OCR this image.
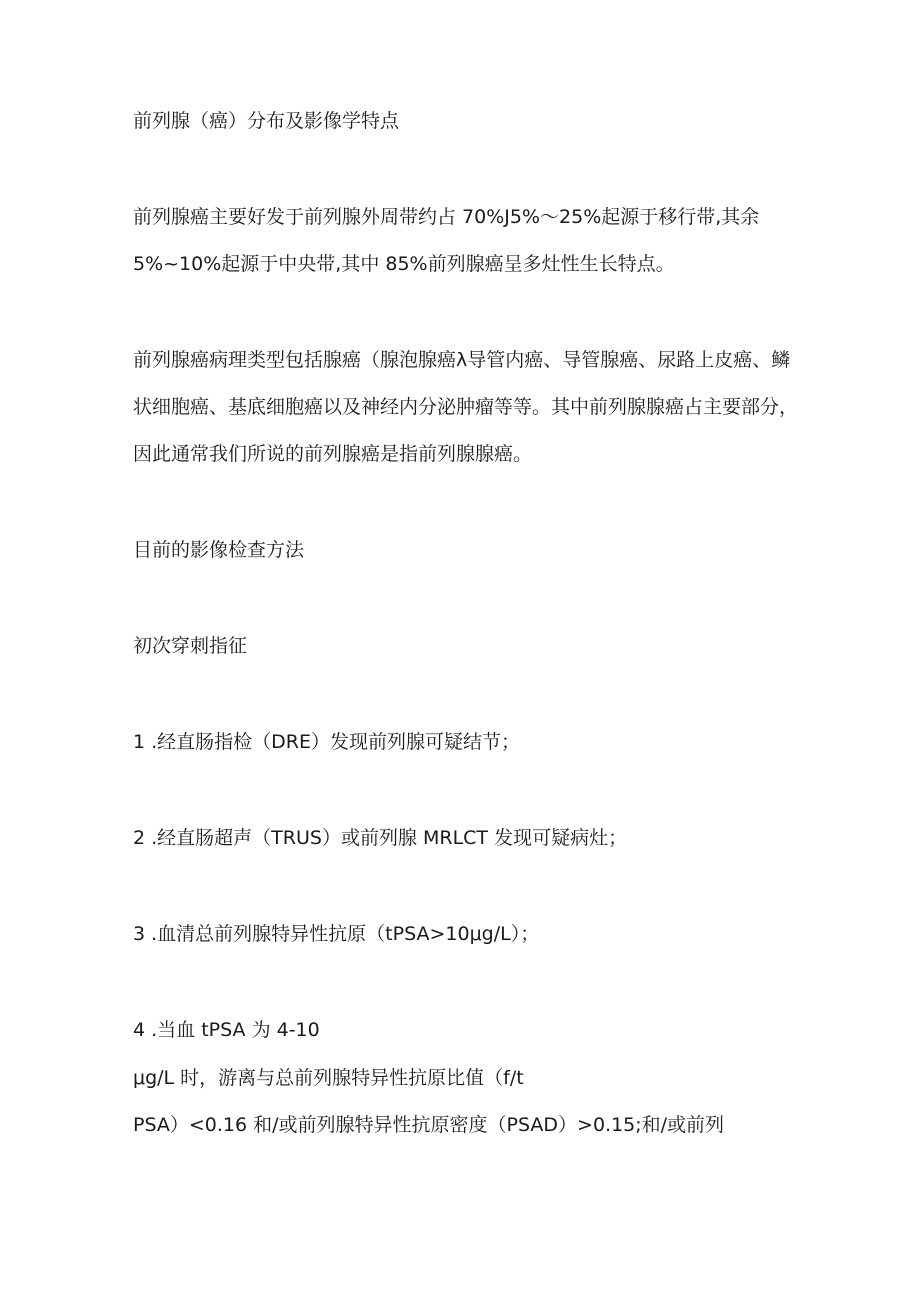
前列腺（癌）分布及影像学特点
前列腺癌主要好发于前列腺外周带约占 70%J5%〜25%起源于移行带,其余
5%~10%起源于中央带,其中 85%前列腺癌呈多灶性生长特点。
前列腺癌病理类型包括腺癌（腺泡腺癌λ导管内癌、导管腺癌、尿路上皮癌、鳞
状细胞癌、基底细胞癌以及神经内分泌肿瘤等等。其中前列腺腺癌占主要部分，
因此通常我们所说的前列腺癌是指前列腺腺癌。
目前的影像检查方法
初次穿刺指征
1 .经直肠指检（DRE）发现前列腺可疑结节；
2 .经直肠超声（TRUS）或前列腺 MRLCT 发现可疑病灶；
3 .血清总前列腺特异性抗原（tPSA>10μg∕L）；
4 .当血 tPSA 为 4-10
μg∕L 时，游离与总前列腺特异性抗原比值（f/t
PSA）<0.16 和/或前列腺特异性抗原密度（PSAD）>0.15;和/或前列
